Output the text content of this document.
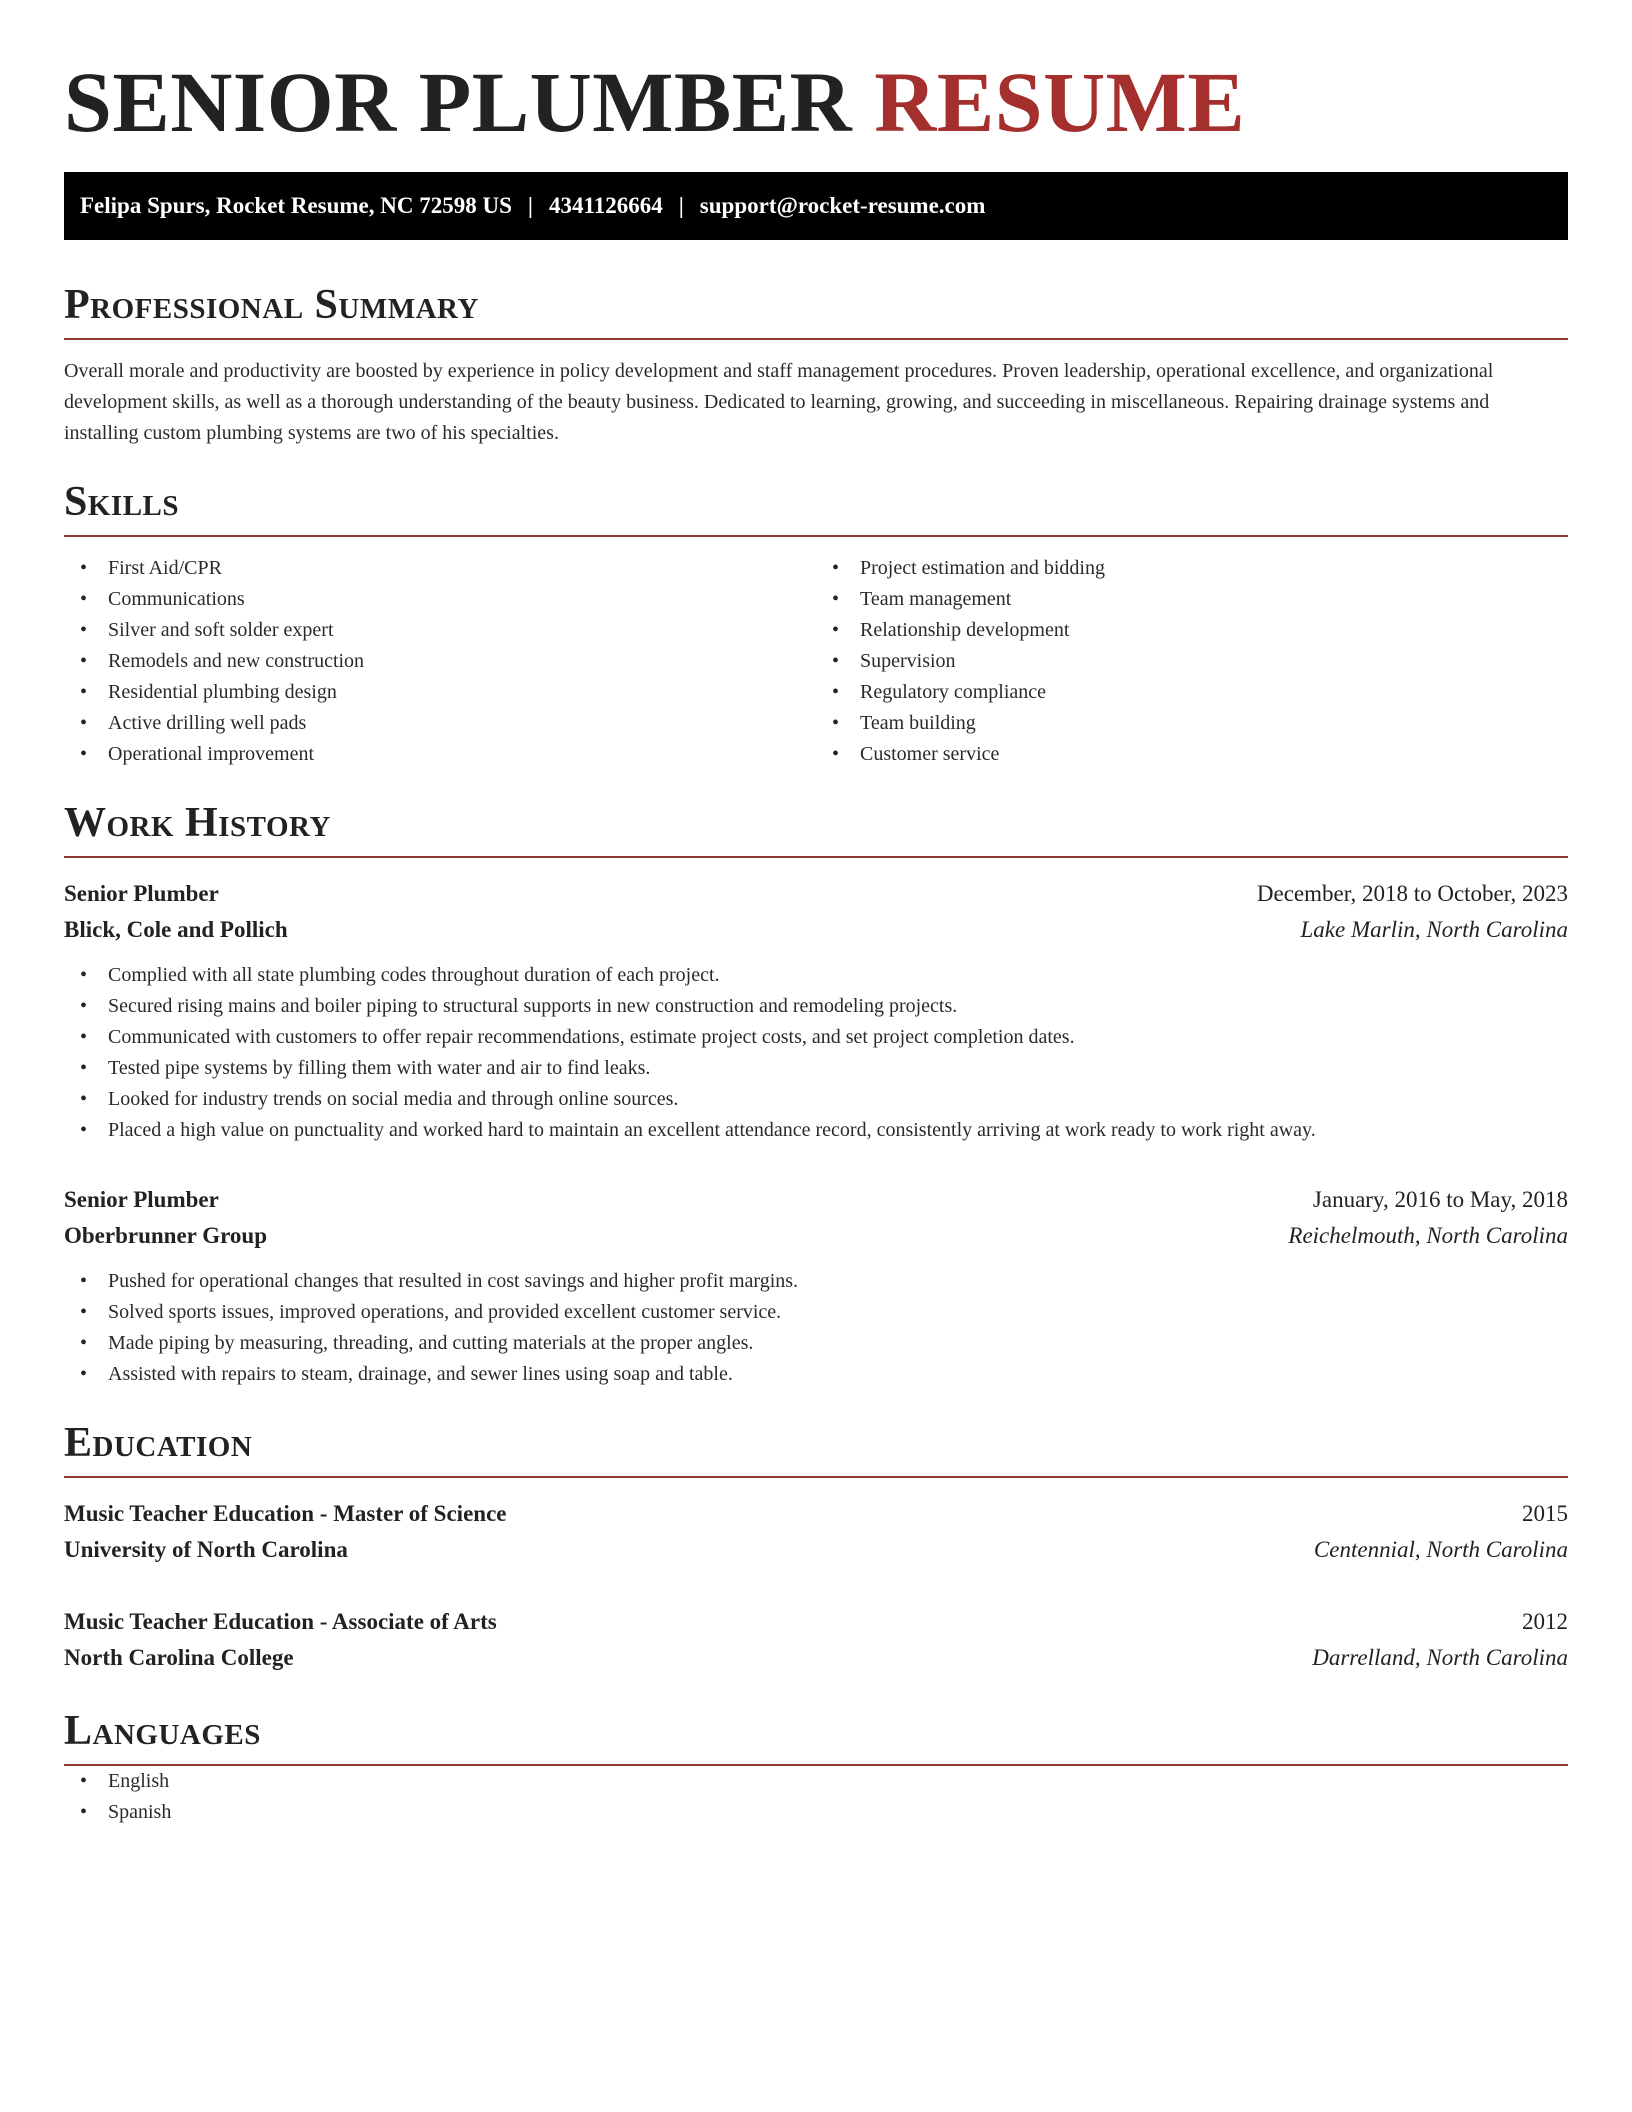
SENIOR PLUMBER RESUME
Felipa Spurs, Rocket Resume, NC 72598 US | 4341126664 | support@rocket-resume.com
Professional Summary

Overall morale and productivity are boosted by experience in policy development and staff management procedures. Proven leadership, operational excellence, and organizational development skills, as well as a thorough understanding of the beauty business. Dedicated to learning, growing, and succeeding in miscellaneous. Repairing drainage systems and installing custom plumbing systems are two of his specialties.

Skills
• First Aid/CPR
• Communications
• Silver and soft solder expert
• Remodels and new construction
• Residential plumbing design
• Active drilling well pads
• Operational improvement
• Project estimation and bidding
• Team management
• Relationship development
• Supervision
• Regulatory compliance
• Team building
• Customer service
Work History
Senior Plumber	December, 2018 to October, 2023
Blick, Cole and Pollich	Lake Marlin, North Carolina
• Complied with all state plumbing codes throughout duration of each project.
• Secured rising mains and boiler piping to structural supports in new construction and remodeling projects.
• Communicated with customers to offer repair recommendations, estimate project costs, and set project completion dates.
• Tested pipe systems by filling them with water and air to find leaks.
• Looked for industry trends on social media and through online sources.
• Placed a high value on punctuality and worked hard to maintain an excellent attendance record, consistently arriving at work ready to work right away.
Senior Plumber	January, 2016 to May, 2018
Oberbrunner Group	Reichelmouth, North Carolina
• Pushed for operational changes that resulted in cost savings and higher profit margins.
• Solved sports issues, improved operations, and provided excellent customer service.
• Made piping by measuring, threading, and cutting materials at the proper angles.
• Assisted with repairs to steam, drainage, and sewer lines using soap and table.
Education
Music Teacher Education - Master of Science	2015
University of North Carolina	Centennial, North Carolina
Music Teacher Education - Associate of Arts	2012
North Carolina College	Darrelland, North Carolina
Languages
• English
• Spanish
